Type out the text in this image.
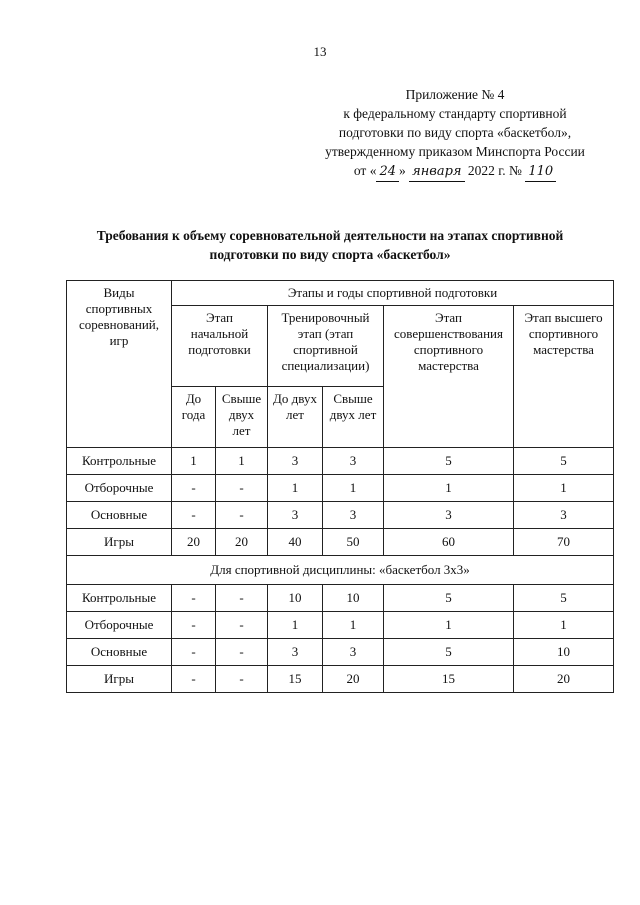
13
Приложение № 4
к федеральному стандарту спортивной
подготовки по виду спорта «баскетбол»,
утвержденному приказом Минспорта России
от « 24 » января 2022 г. № 110
Требования к объему соревновательной деятельности на этапах спортивной
подготовки по виду спорта «баскетбол»
Виды
спортивных
соревнований,
игр	Этапы и годы спортивной подготовки					

	Этап
начальной
подготовки		Тренировочный
этап (этап
спортивной
специализации)		Этап
совершенствования
спортивного
мастерства	Этап высшего
спортивного
мастерства

	До
года	Свыше
двух
лет	До двух
лет	Свыше
двух лет		

Контрольные	1	1	3	3	5	5
Отборочные	-	-	1	1	1	1
Основные	-	-	3	3	3	3
Игры	20	20	40	50	60	70
Для спортивной дисциплины: «баскетбол 3x3»						
Контрольные	-	-	10	10	5	5
Отборочные	-	-	1	1	1	1
Основные	-	-	3	3	5	10
Игры	-	-	15	20	15	20
